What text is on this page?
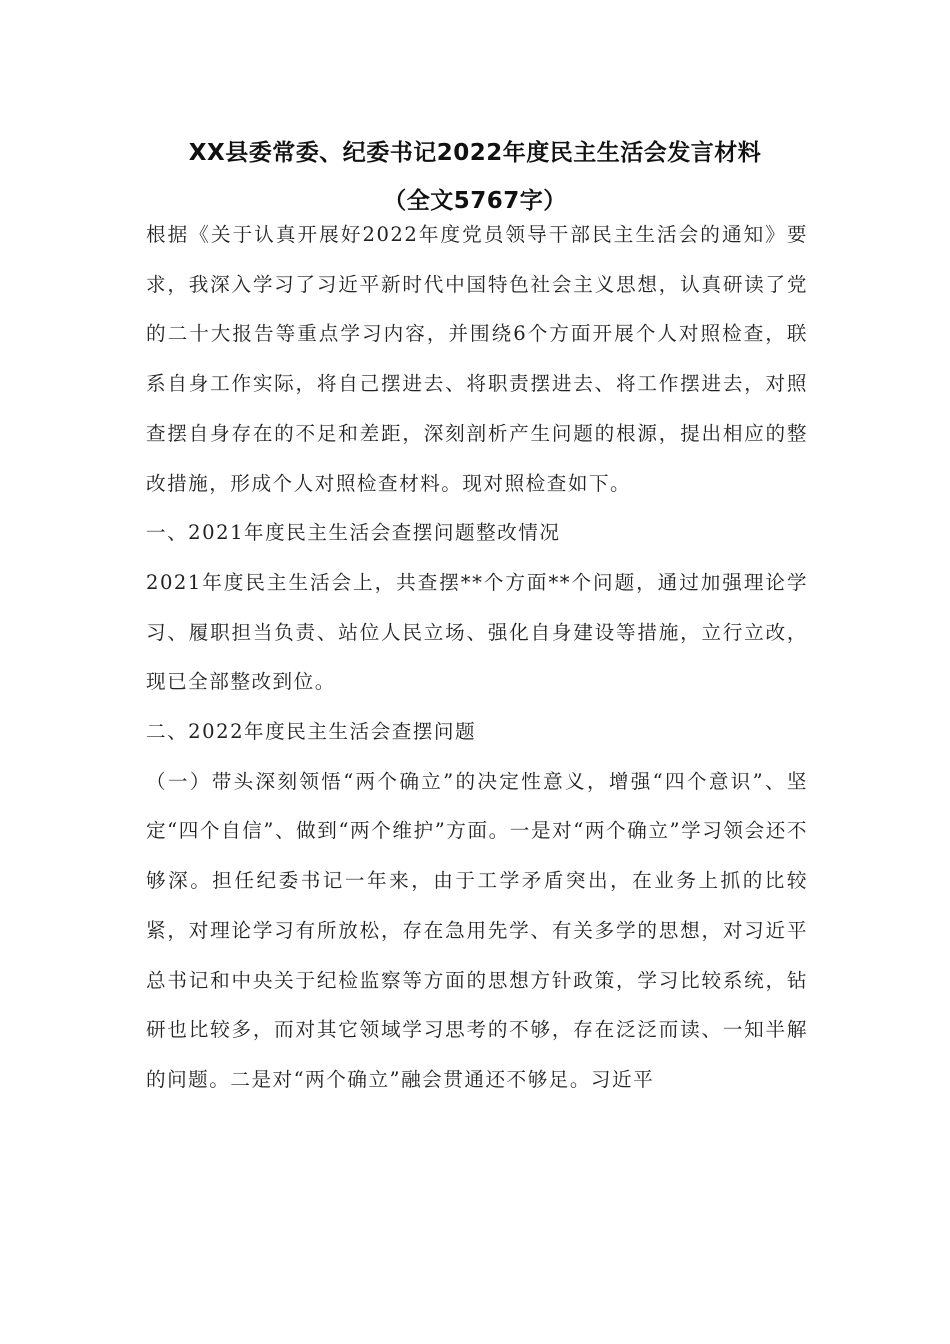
XX县委常委、纪委书记2022年度民主生活会发言材料
（全文5767字）

根据《关于认真开展好2022年度党员领导干部民主生活会的通知》要求，我深入学习了习近平新时代中国特色社会主义思想，认真研读了党的二十大报告等重点学习内容，并围绕6个方面开展个人对照检查，联系自身工作实际，将自己摆进去、将职责摆进去、将工作摆进去，对照查摆自身存在的不足和差距，深刻剖析产生问题的根源，提出相应的整改措施，形成个人对照检查材料。现对照检查如下。

一、2021年度民主生活会查摆问题整改情况

2021年度民主生活会上，共查摆**个方面**个问题，通过加强理论学习、履职担当负责、站位人民立场、强化自身建设等措施，立行立改，现已全部整改到位。

二、2022年度民主生活会查摆问题

（一）带头深刻领悟“两个确立”的决定性意义，增强“四个意识”、坚定“四个自信”、做到“两个维护”方面。一是对“两个确立”学习领会还不够深。担任纪委书记一年来，由于工学矛盾突出，在业务上抓的比较紧，对理论学习有所放松，存在急用先学、有关多学的思想，对习近平总书记和中央关于纪检监察等方面的思想方针政策，学习比较系统，钻研也比较多，而对其它领域学习思考的不够，存在泛泛而读、一知半解的问题。二是对“两个确立”融会贯通还不够足。习近平
